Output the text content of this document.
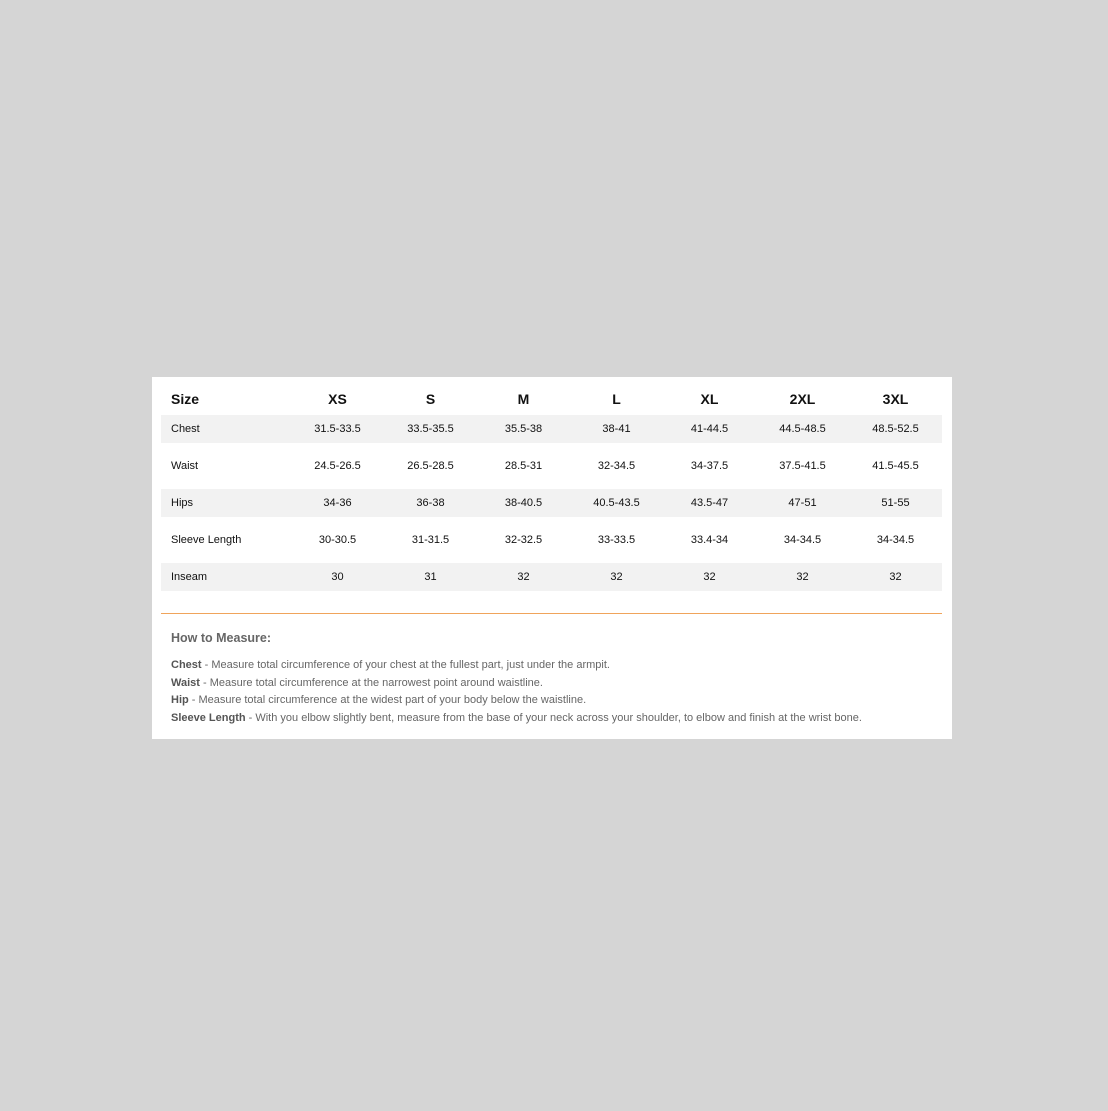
Size	XS	S	M	L	XL	2XL	3XL
Chest	31.5-33.5	33.5-35.5	35.5-38	38-41	41-44.5	44.5-48.5	48.5-52.5

Waist	24.5-26.5	26.5-28.5	28.5-31	32-34.5	34-37.5	37.5-41.5	41.5-45.5

Hips	34-36	36-38	38-40.5	40.5-43.5	43.5-47	47-51	51-55

Sleeve Length	30-30.5	31-31.5	32-32.5	33-33.5	33.4-34	34-34.5	34-34.5

Inseam	30	31	32	32	32	32	32
How to Measure:
Chest - Measure total circumference of your chest at the fullest part, just under the armpit.
Waist - Measure total circumference at the narrowest point around waistline.
Hip - Measure total circumference at the widest part of your body below the waistline.
Sleeve Length - With you elbow slightly bent, measure from the base of your neck across your shoulder, to elbow and finish at the wrist bone.
